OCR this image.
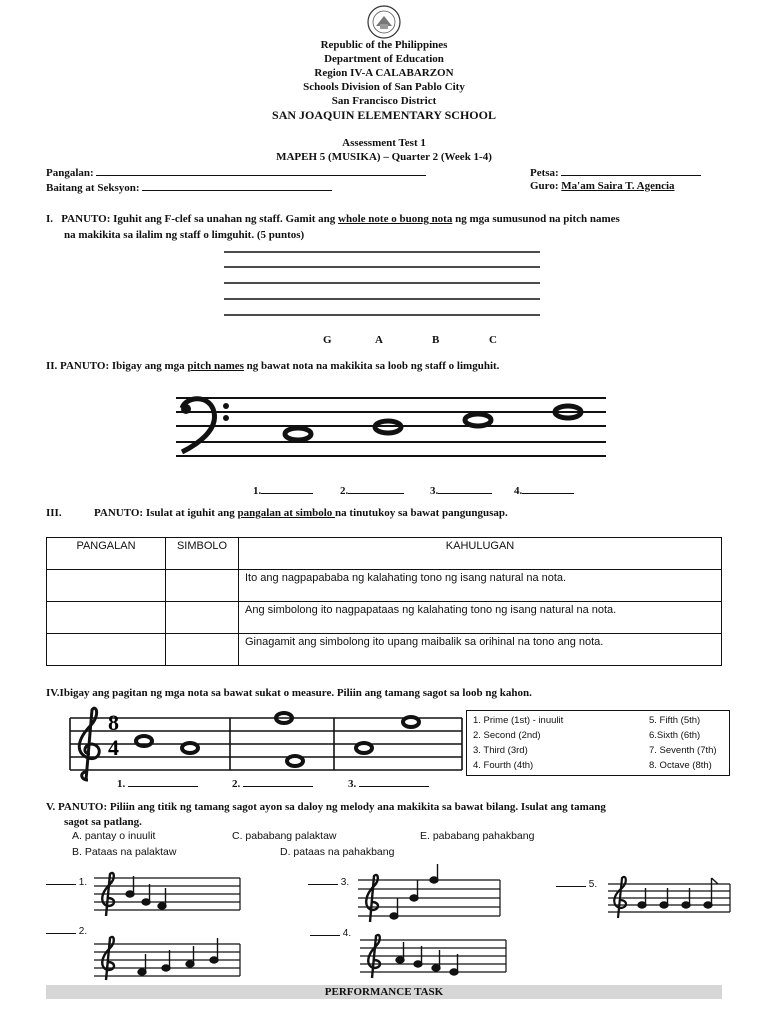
Republic of the Philippines
Department of Education
Region IV-A CALABARZON
Schools Division of San Pablo City
San Francisco District
SAN JOAQUIN ELEMENTARY SCHOOL
Assessment Test 1
MAPEH 5 (MUSIKA) – Quarter 2 (Week 1-4)
Pangalan:	Petsa:
Baitang at Seksyon:	Guro: Ma'am Saira T. Agencia
I. PANUTO: Iguhit ang F-clef sa unahan ng staff. Gamit ang whole note o buong nota ng mga sumusunod na pitch names
na makikita sa ilalim ng staff o limguhit. (5 puntos)
G	A	B	C
II. PANUTO: Ibigay ang mga pitch names ng bawat nota na makikita sa loob ng staff o limguhit.
1.	2.	3.	4.
III.	PANUTO: Isulat at iguhit ang pangalan at simbolo na tinutukoy sa bawat pangungusap.
PANGALAN	SIMBOLO	KAHULUGAN
		Ito ang nagpapababa ng kalahating tono ng isang natural na nota.
		Ang simbolong ito nagpapataas ng kalahating tono ng isang natural na nota.
		Ginagamit ang simbolong ito upang maibalik sa orihinal na tono ang nota.
IV.Ibigay ang pagitan ng mga nota sa bawat sukat o measure. Piliin ang tamang sagot sa loob ng kahon.
8
4
1.	2.	3.
1. Prime (1st) - inuulit
2. Second (2nd)
3. Third (3rd)
4. Fourth (4th)
5. Fifth (5th)
6.Sixth (6th)
7. Seventh (7th)
8. Octave (8th)
V. PANUTO: Piliin ang titik ng tamang sagot ayon sa daloy ng melody ana makikita sa bawat bilang. Isulat ang tamang
sagot sa patlang.
A. pantay o inuulit	C. pababang palaktaw	E. pababang pahakbang
B. Pataas na palaktaw	D. pataas na pahakbang
1.
2.
3.
4.
5.
PERFORMANCE TASK
